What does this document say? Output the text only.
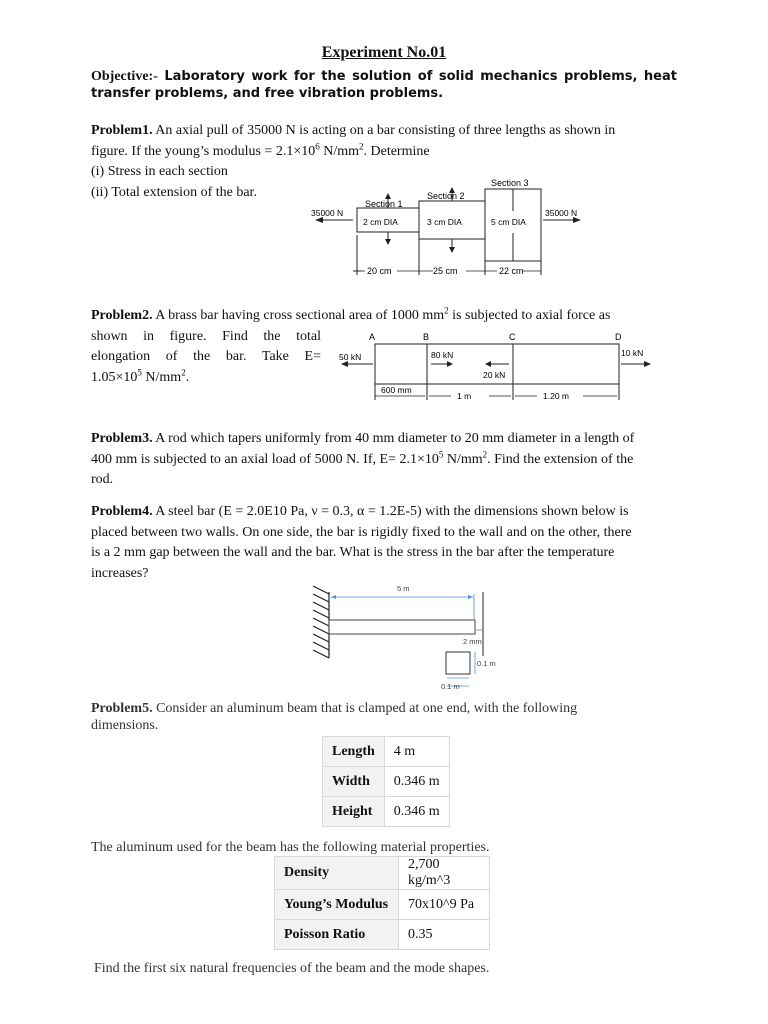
Experiment No.01
Objective:- Laboratory work for the solution of solid mechanics problems, heat transfer problems, and free vibration problems.
Problem1. An axial pull of 35000 N is acting on a bar consisting of three lengths as shown in
figure. If the young’s modulus = $2.1\times 10^6$ $N/mm^2$. Determine
(i) Stress in each section
(ii) Total extension of the bar.
Section 1
Section 2
Section 3
2 cm DIA	3 cm DIA	5 cm DIA
35000 N	35000 N
20 cm	25 cm	22 cm
Problem2. A brass bar having cross sectional area of 1000 $mm^2$ is subjected to axial force as
shown in figure. Find the total
elongation of the bar. Take E=
$1.05\times 10^5$ $N/mm^2$.
A	B	C	D
50 kN	80 kN
20 kN
10 kN
600 mm
1 m	1.20 m
Problem3. A rod which tapers uniformly from 40 mm diameter to 20 mm diameter in a length of
400 mm is subjected to an axial load of 5000 N. If, $E= 2.1\times 10^5$ $N/mm^2$. Find the extension of the
rod.
Problem4. A steel bar (E = 2.0E10 Pa, ν = 0.3, α = 1.2E-5) with the dimensions shown below is
placed between two walls. On one side, the bar is rigidly fixed to the wall and on the other, there
is a 2 mm gap between the wall and the bar. What is the stress in the bar after the temperature
increases?
5 m
2 mm
0.1 m
0.1 m
Problem5. Consider an aluminum beam that is clamped at one end, with the following
dimensions.
Length	4 m
Width	0.346 m
Height	0.346 m
The aluminum used for the beam has the following material properties.
Density	2,700 kg/m^3
Young’s Modulus	70x10^9 Pa
Poisson Ratio	0.35
Find the first six natural frequencies of the beam and the mode shapes.
